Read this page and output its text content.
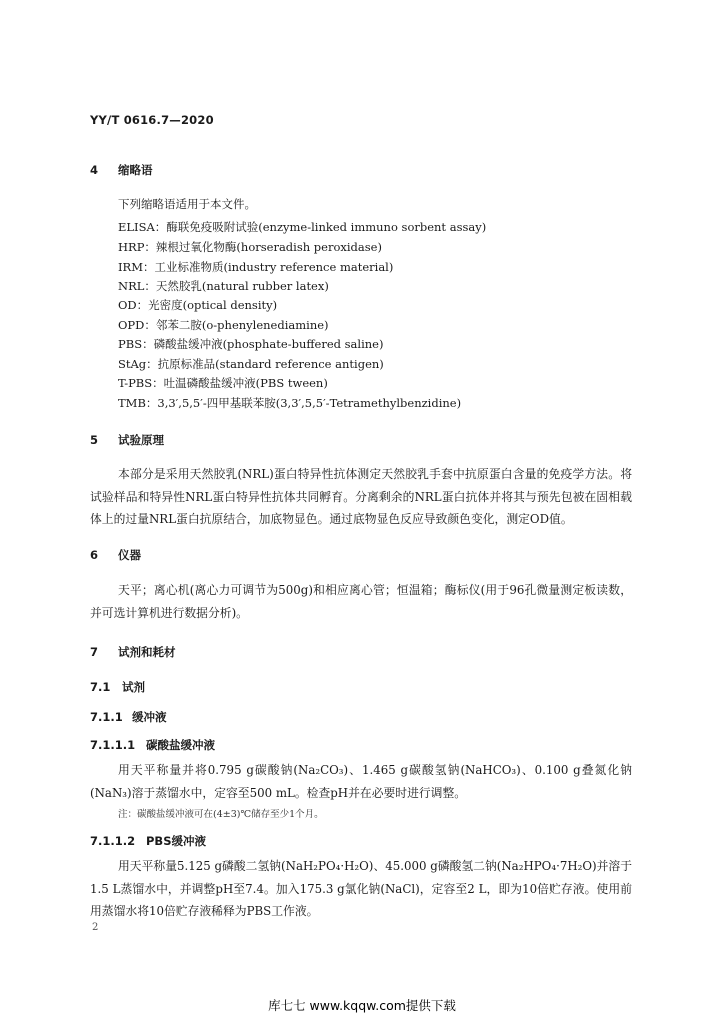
YY/T 0616.7—2020
4 缩略语
下列缩略语适用于本文件。
ELISA：酶联免疫吸附试验(enzyme-linked immuno sorbent assay)
HRP：辣根过氧化物酶(horseradish peroxidase)
IRM：工业标准物质(industry reference material)
NRL：天然胶乳(natural rubber latex)
OD：光密度(optical density)
OPD：邻苯二胺(o-phenylenediamine)
PBS：磷酸盐缓冲液(phosphate-buffered saline)
StAg：抗原标准品(standard reference antigen)
T-PBS：吐温磷酸盐缓冲液(PBS tween)
TMB：3,3′,5,5′-四甲基联苯胺(3,3′,5,5′-Tetramethylbenzidine)
5 试验原理
本部分是采用天然胶乳(NRL)蛋白特异性抗体测定天然胶乳手套中抗原蛋白含量的免疫学方法。将试验样品和特异性NRL蛋白特异性抗体共同孵育。分离剩余的NRL蛋白抗体并将其与预先包被在固相载体上的过量NRL蛋白抗原结合，加底物显色。通过底物显色反应导致颜色变化，测定OD值。
6 仪器
天平；离心机(离心力可调节为500g)和相应离心管；恒温箱；酶标仪(用于96孔微量测定板读数，并可选计算机进行数据分析)。
7 试剂和耗材
7.1 试剂
7.1.1 缓冲液
7.1.1.1 碳酸盐缓冲液
用天平称量并将0.795 g碳酸钠(Na₂CO₃)、1.465 g碳酸氢钠(NaHCO₃)、0.100 g叠氮化钠(NaN₃)溶于蒸馏水中，定容至500 mL。检查pH并在必要时进行调整。
注：碳酸盐缓冲液可在(4±3)℃储存至少1个月。
7.1.1.2 PBS缓冲液
用天平称量5.125 g磷酸二氢钠(NaH₂PO₄·H₂O)、45.000 g磷酸氢二钠(Na₂HPO₄·7H₂O)并溶于1.5 L蒸馏水中，并调整pH至7.4。加入175.3 g氯化钠(NaCl)，定容至2 L，即为10倍贮存液。使用前用蒸馏水将10倍贮存液稀释为PBS工作液。
2
库七七 www.kqqw.com提供下载
